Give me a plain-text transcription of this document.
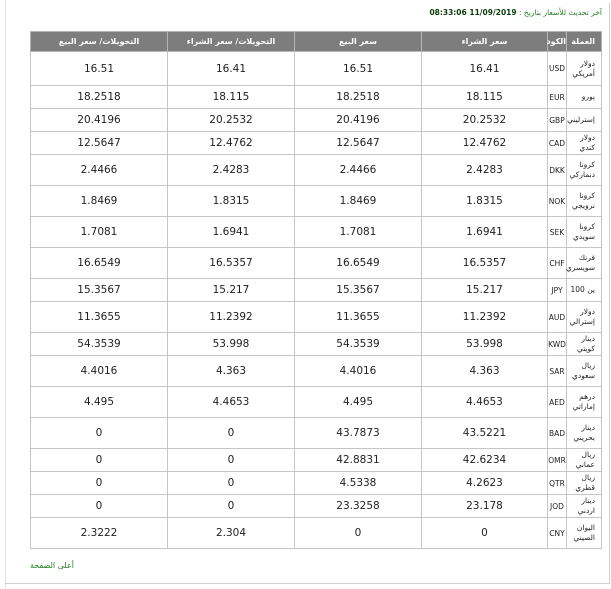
آخر تحديث للأسعار بتاريخ : 11/09/2019 08:33:06
العملة	الكود	سعر الشراء	سعر البيع	التحويلات/ سعر الشراء	التحويلات/ سعر البيع
دولار أمريكي	USD	16.41	16.51	16.41	16.51
يورو	EUR	18.115	18.2518	18.115	18.2518
إسترليني	GBP	20.2532	20.4196	20.2532	20.4196
دولار كندي	CAD	12.4762	12.5647	12.4762	12.5647
كرونا دنماركي	DKK	2.4283	2.4466	2.4283	2.4466
كرونا نرويجي	NOK	1.8315	1.8469	1.8315	1.8469
كرونا سويدي	SEK	1.6941	1.7081	1.6941	1.7081
فرنك سويسري	CHF	16.5357	16.6549	16.5357	16.6549
ين 100	JPY	15.217	15.3567	15.217	15.3567
دولار إسترالي	AUD	11.2392	11.3655	11.2392	11.3655
دينار كويتي	KWD	53.998	54.3539	53.998	54.3539
ريال سعودي	SAR	4.363	4.4016	4.363	4.4016
درهم إماراتي	AED	4.4653	4.495	4.4653	4.495
دينار بحريني	BAD	43.5221	43.7873	0	0
ريال عماني	OMR	42.6234	42.8831	0	0
ريال قطري	QTR	4.2623	4.5338	0	0
دينار اردني	JOD	23.178	23.3258	0	0
اليوان الصيني	CNY	0	0	2.304	2.3222
أعلى الصفحة
